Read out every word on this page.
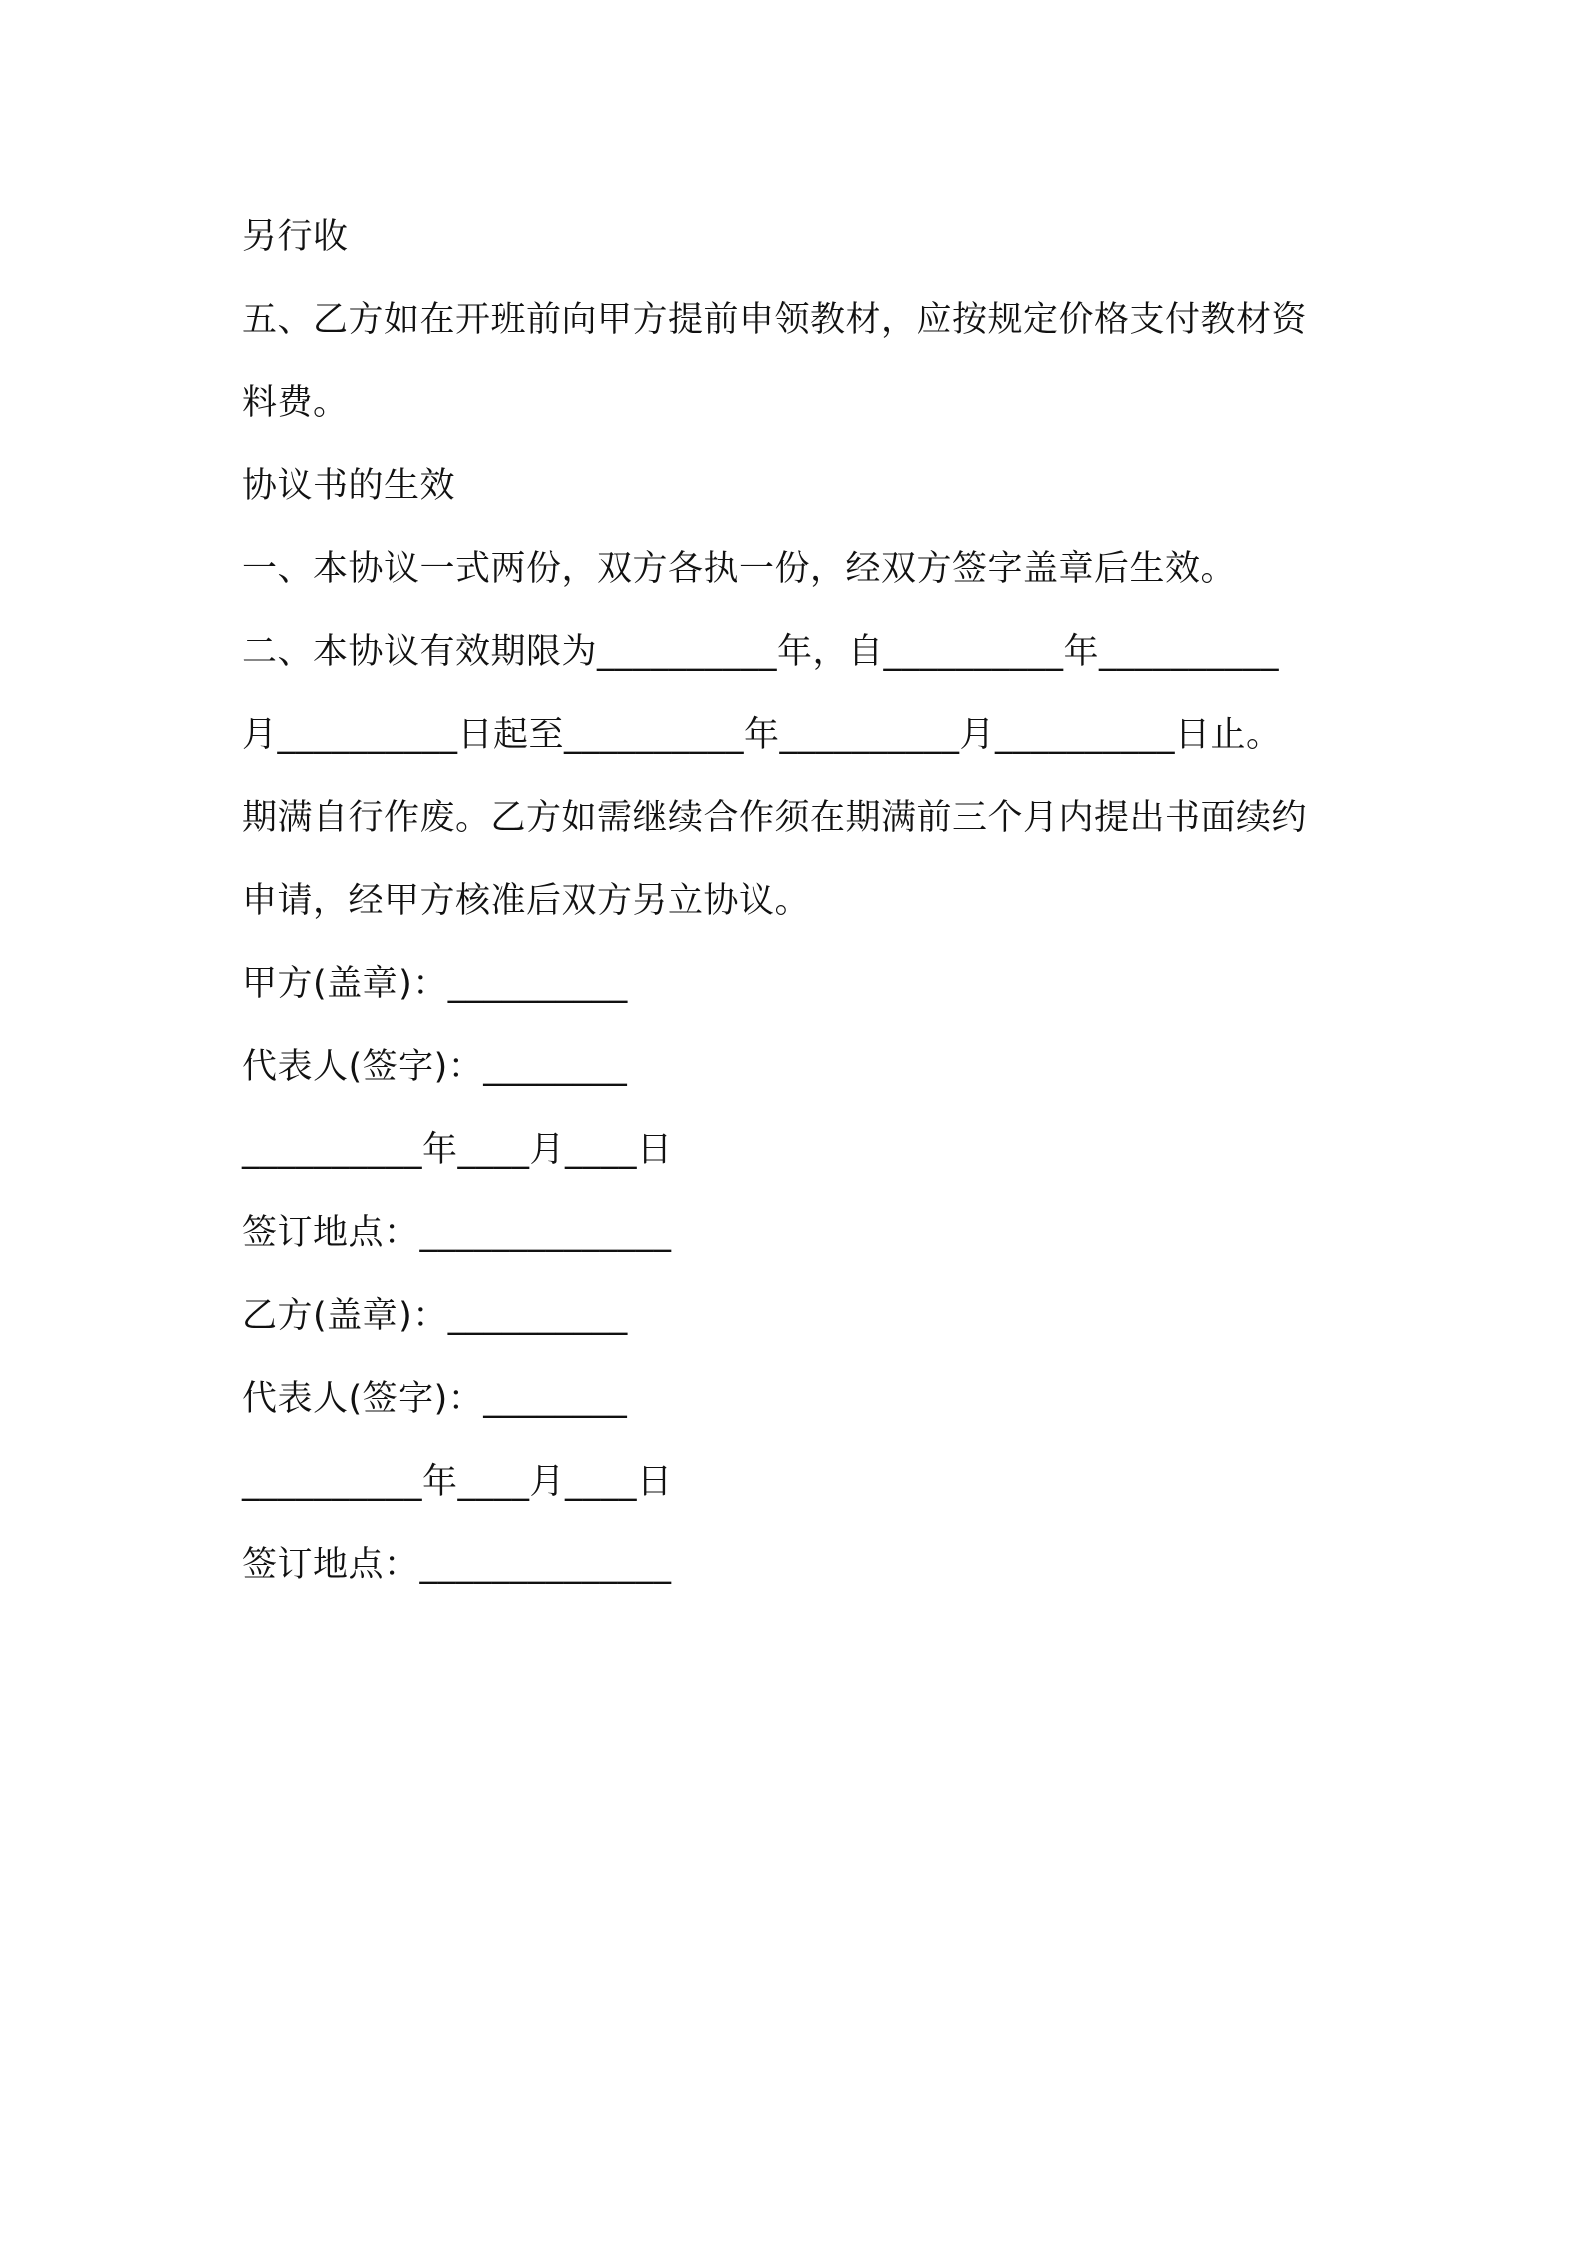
另行收
五、乙方如在开班前向甲方提前申领教材，应按规定价格支付教材资
料费。
协议书的生效
一、本协议一式两份，双方各执一份，经双方签字盖章后生效。
二、本协议有效期限为__________年，自__________年__________
月__________日起至__________年__________月__________日止。
期满自行作废。乙方如需继续合作须在期满前三个月内提出书面续约
申请，经甲方核准后双方另立协议。
甲方(盖章)：__________
代表人(签字)：________
__________年____月____日
签订地点：______________
乙方(盖章)：__________
代表人(签字)：________
__________年____月____日
签订地点：______________
